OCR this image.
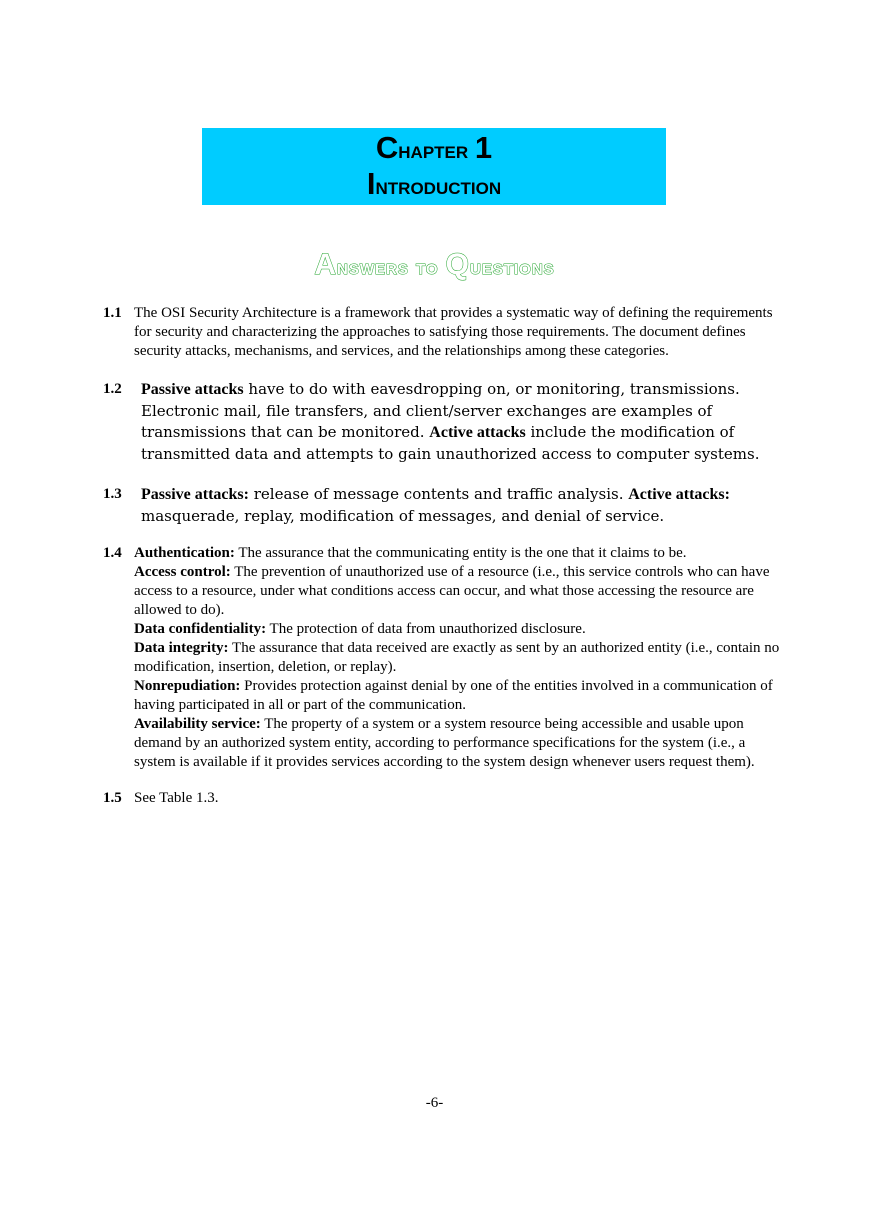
Chapter 1
Introduction
Answers to Questions
1.1 The OSI Security Architecture is a framework that provides a systematic way of defining the requirements for security and characterizing the approaches to satisfying those requirements. The document defines security attacks, mechanisms, and services, and the relationships among these categories.

1.2	Passive attacks have to do with eavesdropping on, or monitoring, transmissions. Electronic mail, file transfers, and client/server exchanges are examples of transmissions that can be monitored. Active attacks include the modification of transmitted data and attempts to gain unauthorized access to computer systems.

1.3	Passive attacks: release of message contents and traffic analysis. Active attacks: masquerade, replay, modification of messages, and denial of service.

1.4 Authentication: The assurance that the communicating entity is the one that it claims to be.

Access control: The prevention of unauthorized use of a resource (i.e., this service controls who can have access to a resource, under what conditions access can occur, and what those accessing the resource are allowed to do).

Data confidentiality: The protection of data from unauthorized disclosure.

Data integrity: The assurance that data received are exactly as sent by an authorized entity (i.e., contain no modification, insertion, deletion, or replay).

Nonrepudiation: Provides protection against denial by one of the entities involved in a communication of having participated in all or part of the communication.

Availability service: The property of a system or a system resource being accessible and usable upon demand by an authorized system entity, according to performance specifications for the system (i.e., a system is available if it provides services according to the system design whenever users request them).

1.5 See Table 1.3.

-6-
